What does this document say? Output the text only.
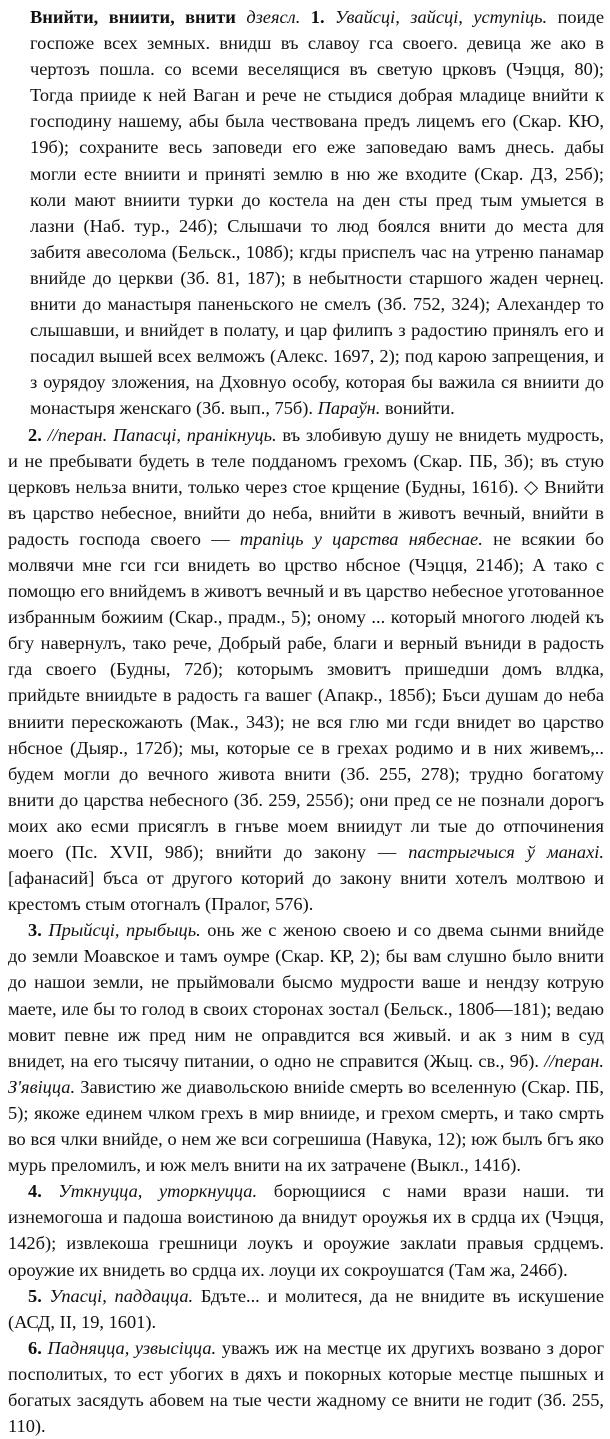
Внийти, вниити, внити дзеясл. 1. Увайсці, зайсці, уступіць. поиде госпоже всех земных. внидш въ славоу гса своего. девица же ако в чертозъ пошла. со всеми веселящися въ светую црковъ (Чэцця, 80); Тогда прииде к ней Ваган и рече не стыдися добрая младице внийти к господину нашему, абы была чествована предъ лицемъ его (Скар. КЮ, 19б); сохраните весь заповеди его еже заповедаю вамъ днесь. дабы могли есте вниити и принятi землю в ню же входите (Скар. ДЗ, 25б); коли мают вниити турки до костела на ден сты пред тым умыется в лазни (Наб. тур., 24б); Слышачи то люд боялся внити до места для забитя авесолома (Бельск., 108б); кгды приспелъ час на утреню панамар внийде до церкви (Зб. 81, 187); в небытности старшого жаден чернец. внити до манастыря паненьского не смелъ (Зб. 752, 324); Алехандер то слышавши, и внийдет в полату, и цар филипъ з радостию принялъ его и посадил вышей всех велможъ (Алекс. 1697, 2); под карою запрещения, и з оурядоу зложения, на Дховнуо особу, которая бы важила ся вниити до монастыря женскаго (Зб. вып., 75б). Параўн. вонийти.

2. //перан. Папасці, пранікнуць. въ злобивую душу не внидеть мудрость, и не пребывати будеть в теле подданомъ грехомъ (Скар. ПБ, 3б); въ стую церковъ нельза внити, только через стое крщение (Будны, 161б). ◇ Внийти въ царство небесное, внийти до неба, внийти в животъ вечный, внийти в радость господа своего — трапіць у царства нябеснае. не всякии бо молвячи мне гси гси внидеть во црство нбсное (Чэцця, 214б); А тако с помощю его внийдемъ в животъ вечный и въ царство небесное уготованное избранным божиим (Скар., прадм., 5); оному ... который многого людей къ бгу навернулъ, тако рече, Добрый рабе, благи и верный въниди в радость гда своего (Будны, 72б); которымъ змовитъ пришедши домъ влдка, прийдьте вниидьте в радость га вашег (Апакр., 185б); Бъси душам до неба вниити перескожають (Мак., 343); не вся глю ми гсди внидет во царство нбсное (Дыяр., 172б); мы, которые се в грехах родимо и в них живемъ,.. будем могли до вечного живота внити (Зб. 255, 278); трудно богатому внити до царства небесного (Зб. 259, 255б); они пред се не познали дорогъ моих ако есми присяглъ в гнъве моем вниидут ли тые до отпочинения моего (Пс. XVII, 98б); внийти до закону — пастрыгчыся ў манахі. [афанасий] бъса от другого которий до закону внити хотелъ молтвою и крестомъ стым отогналъ (Пралог, 576).

3. Прыйсці, прыбыць. онь же с женою своею и со двема сынми внийде до земли Моавское и тамъ оумре (Скар. КР, 2); бы вам слушно было внити до нашои земли, не прыймовали бысмо мудрости ваше и нендзу котрую маете, иле бы то голод в своих сторонах зостал (Бельск., 180б—181); ведаю мовит певне иж пред ним не оправдится вся живый. и ак з ним в суд внидет, на его тысячу питании, о одно не справится (Жыц. св., 9б). //перан. З'явіцца. Завистию же диавольскою вниide смерть во вселенную (Скар. ПБ, 5); якоже единем члком грехъ в мир внииде, и грехом смерть, и тако смрть во вся члки внийде, о нем же вси согрешиша (Навука, 12); юж былъ бгъ яко мурь преломилъ, и юж мелъ внити на их затрачене (Выкл., 141б).

4. Уткнуцца, уторкнуцца. борющиися с нами врази наши. ти изнемогоша и падоша воистиною да внидут ороужья их в срдца их (Чэцця, 142б); извлекоша грешници лоукъ и ороужие заклаtи правыя срдцемъ. ороужие их внидеть во срдца их. лоуци их сокроушатся (Там жа, 246б).

5. Упасці, паддацца. Бдъте... и молитеся, да не внидите въ искушение (АСД, II, 19, 1601).

6. Падняцца, узвысіцца. уважъ иж на местце их другихъ возвано з дорог посполитых, то ест убогих в дяхъ и покорных которые местце пышных и богатых засядуть абовем на тые чести жадному се внити не годит (Зб. 255, 110).
